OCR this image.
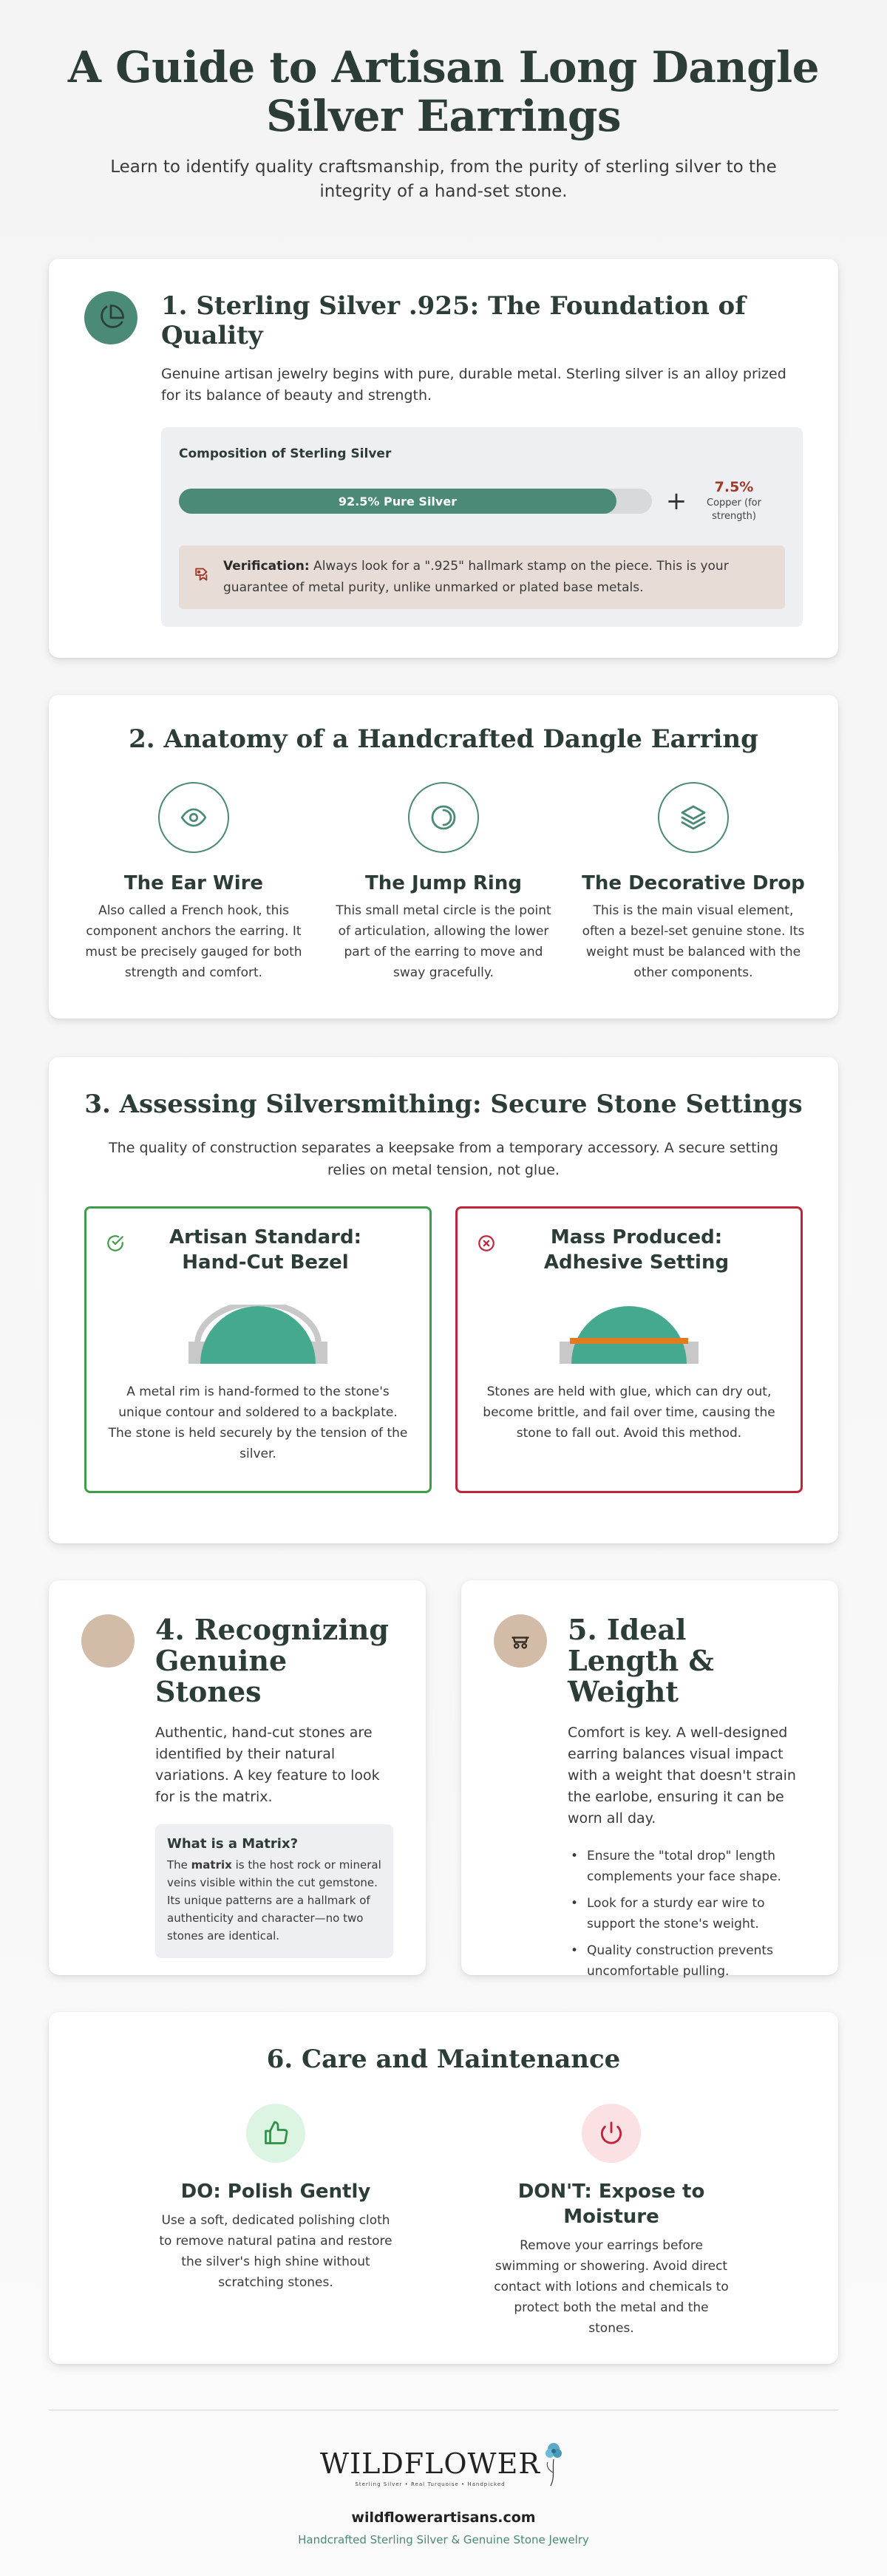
A Guide to Artisan Long Dangle Silver Earrings

Learn to identify quality craftsmanship, from the purity of sterling silver to the integrity of a hand-set stone.

1. Sterling Silver .925: The Foundation of Quality

Genuine artisan jewelry begins with pure, durable metal. Sterling silver is an alloy prized for its balance of beauty and strength.

Composition of Sterling Silver
92.5% Pure Silver	+	7.5%
Copper (for strength)

Verification: Always look for a ".925" hallmark stamp on the piece. This is your guarantee of metal purity, unlike unmarked or plated base metals.

2. Anatomy of a Handcrafted Dangle Earring
The Ear Wire

Also called a French hook, this component anchors the earring. It must be precisely gauged for both strength and comfort.

The Jump Ring

This small metal circle is the point of articulation, allowing the lower part of the earring to move and sway gracefully.

The Decorative Drop

This is the main visual element, often a bezel-set genuine stone. Its weight must be balanced with the other components.

3. Assessing Silversmithing: Secure Stone Settings

The quality of construction separates a keepsake from a temporary accessory. A secure setting relies on metal tension, not glue.

Artisan Standard: Hand-Cut Bezel

A metal rim is hand-formed to the stone's unique contour and soldered to a backplate. The stone is held securely by the tension of the silver.

Mass Produced: Adhesive Setting

Stones are held with glue, which can dry out, become brittle, and fail over time, causing the stone to fall out. Avoid this method.

4. Recognizing Genuine Stones

Authentic, hand-cut stones are identified by their natural variations. A key feature to look for is the matrix.

What is a Matrix?

The matrix is the host rock or mineral veins visible within the cut gemstone. Its unique patterns are a hallmark of authenticity and character—no two stones are identical.

5. Ideal Length & Weight

Comfort is key. A well-designed earring balances visual impact with a weight that doesn't strain the earlobe, ensuring it can be worn all day.

• Ensure the "total drop" length complements your face shape.
• Look for a sturdy ear wire to support the stone's weight.
• Quality construction prevents uncomfortable pulling.
6. Care and Maintenance
DO: Polish Gently

Use a soft, dedicated polishing cloth to remove natural patina and restore the silver's high shine without scratching stones.

DON'T: Expose to Moisture

Remove your earrings before swimming or showering. Avoid direct contact with lotions and chemicals to protect both the metal and the stones.

WILDFLOWER
Sterling Silver • Real Turquoise • Handpicked
wildflowerartisans.com
Handcrafted Sterling Silver & Genuine Stone Jewelry
